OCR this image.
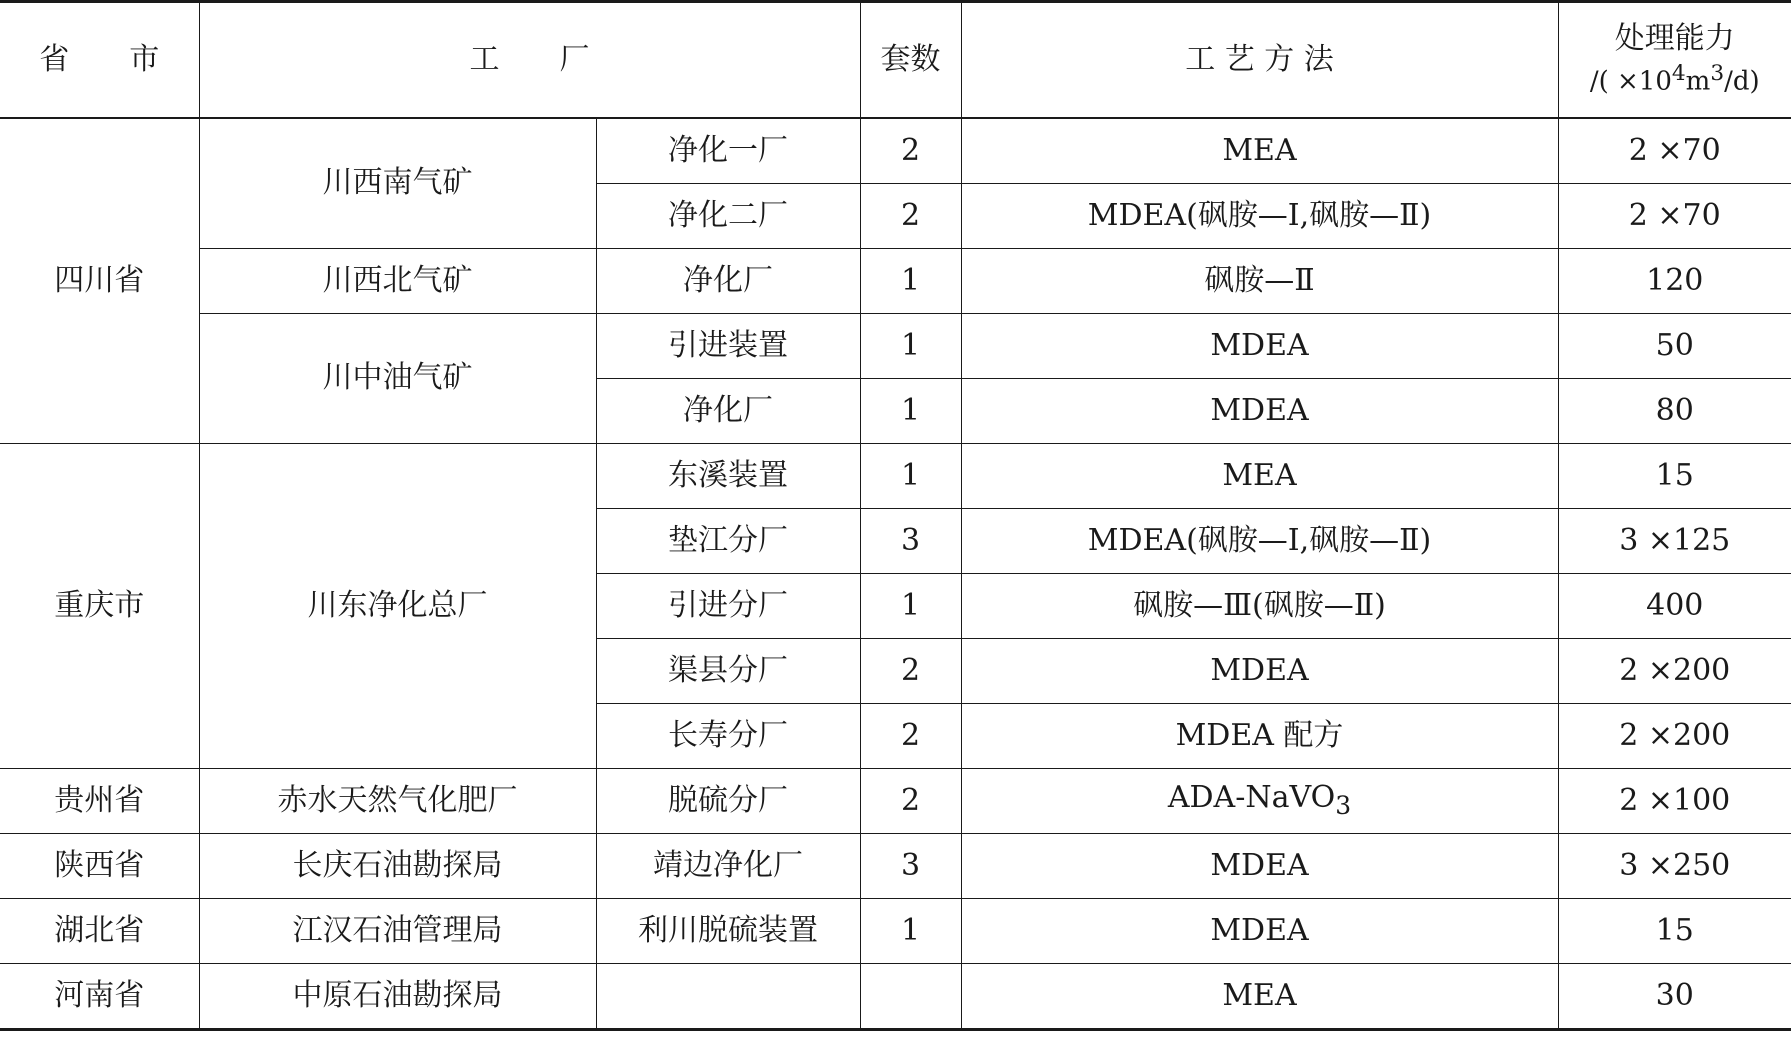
省　　市	工　　厂		套数	工 艺 方 法	处理能力
/( $\times 10^4m^3/d$)

四川省	川西南气矿	净化一厂	2	MEA	2 ×70
		净化二厂	2	MDEA(砜胺—Ⅰ,砜胺—Ⅱ)	2 ×70
	川西北气矿	净化厂	1	砜胺—Ⅱ	120
	川中油气矿	引进装置	1	MDEA	50
		净化厂	1	MDEA	80
重庆市	川东净化总厂	东溪装置	1	MEA	15
		垫江分厂	3	MDEA(砜胺—Ⅰ,砜胺—Ⅱ)	3 ×125
		引进分厂	1	砜胺—Ⅲ(砜胺—Ⅱ)	400
		渠县分厂	2	MDEA	2 ×200
		长寿分厂	2	MDEA 配方	2 ×200
贵州省	赤水天然气化肥厂	脱硫分厂	2	ADA-NaVO$_3$	2 ×100
陕西省	长庆石油勘探局	靖边净化厂	3	MDEA	3 ×250
湖北省	江汉石油管理局	利川脱硫装置	1	MDEA	15
河南省	中原石油勘探局			MEA	30
